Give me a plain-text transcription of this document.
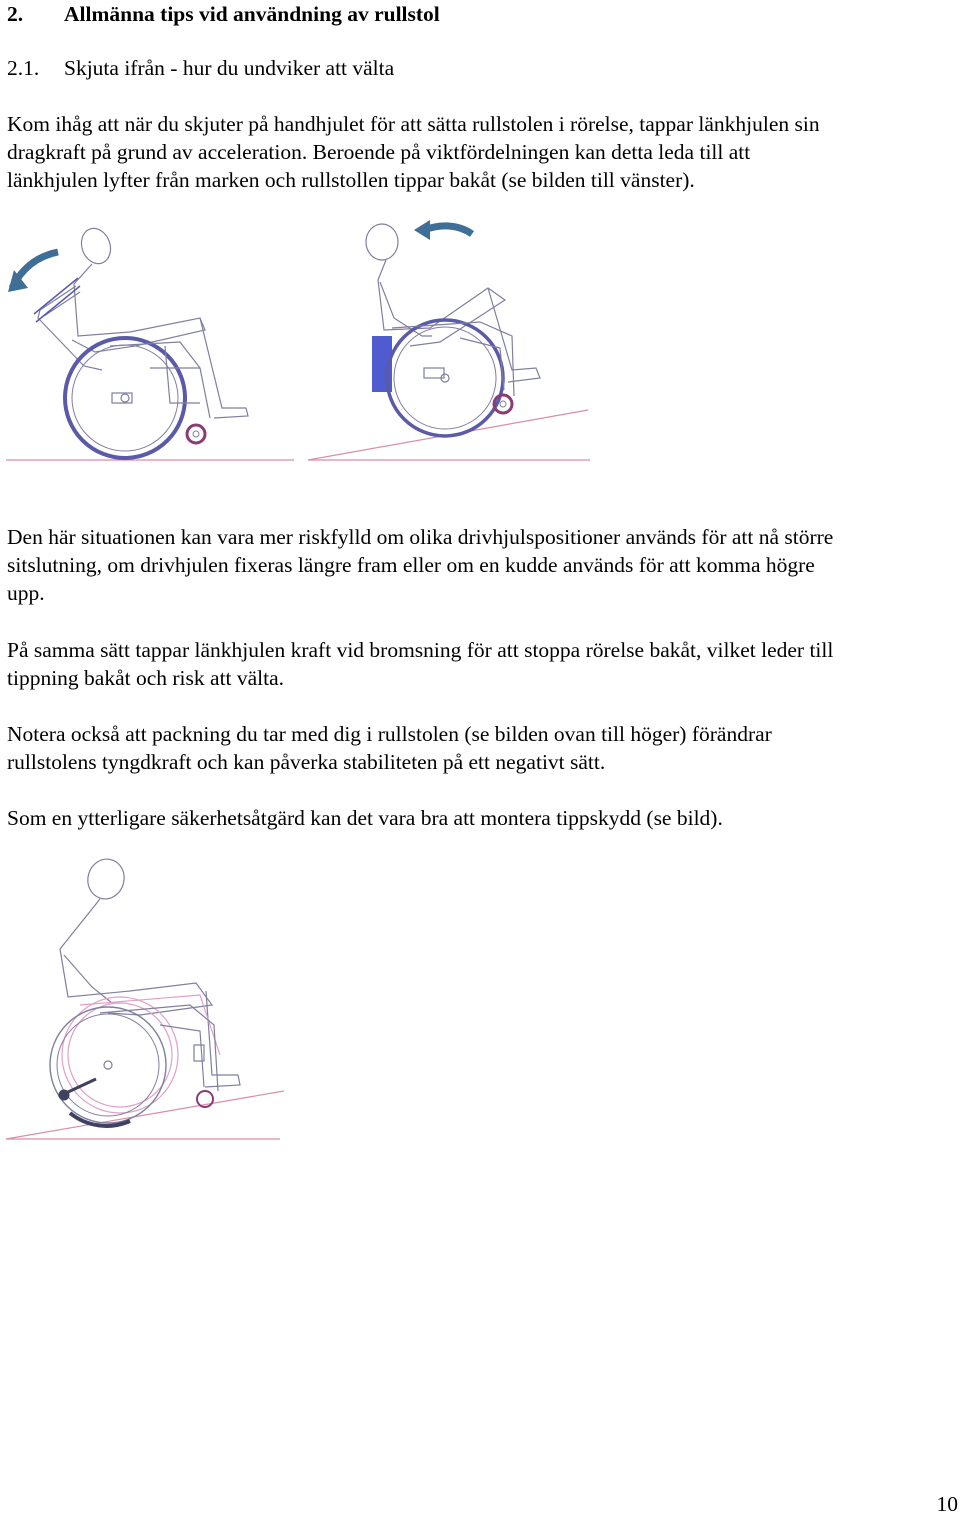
2. Allmänna tips vid användning av rullstol
2.1. Skjuta ifrån - hur du undviker att välta
Kom ihåg att när du skjuter på handhjulet för att sätta rullstolen i rörelse, tappar länkhjulen sin
dragkraft på grund av acceleration. Beroende på viktfördelningen kan detta leda till att
länkhjulen lyfter från marken och rullstollen tippar bakåt (se bilden till vänster).
Den här situationen kan vara mer riskfylld om olika drivhjulspositioner används för att nå större
sitslutning, om drivhjulen fixeras längre fram eller om en kudde används för att komma högre
upp.
På samma sätt tappar länkhjulen kraft vid bromsning för att stoppa rörelse bakåt, vilket leder till
tippning bakåt och risk att välta.
Notera också att packning du tar med dig i rullstolen (se bilden ovan till höger) förändrar
rullstolens tyngdkraft och kan påverka stabiliteten på ett negativt sätt.
Som en ytterligare säkerhetsåtgärd kan det vara bra att montera tippskydd (se bild).
10
